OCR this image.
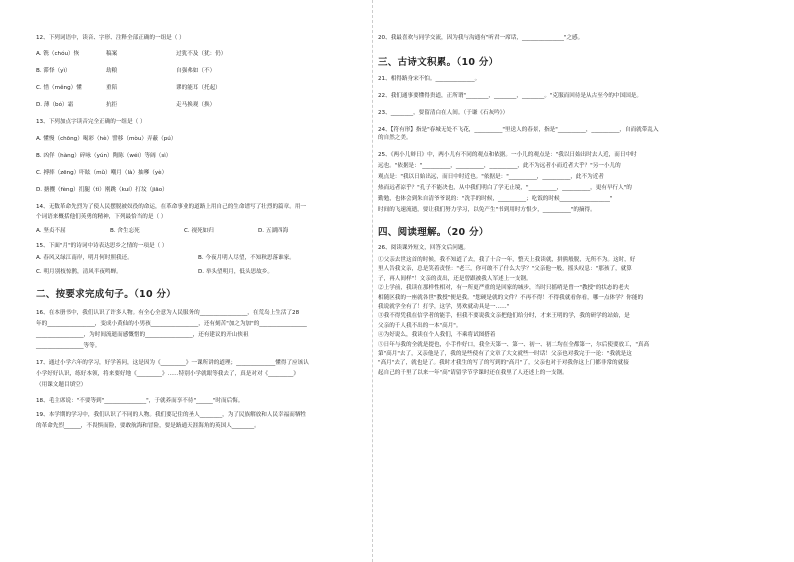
12、下列词语中，读音、字形、注释全部正确的一组是（ ）
A. 镌（chóu）恢	稿案	过犹不及（犹：仍）
B. 滞怿（yì）	劫粮	自强弗如（不）
C. 惜（měng）懂	重陪	谬的能耳（托起）
D. 薄（bó）霜	抗拒	走马换观（换）
13、下列加点字读音完全正确的一组是（ ）
A. 懂慢（chōng）喝彩（hè）譬移（mòu）弄蔽（pú）
B. 凶佯（hàng）碎咏（yún）陶陈（wéi）等阔（sì）
C. 搏摔（zēng）吓眩（mǔ）嘲月（là）抽嗲（yè）
D. 搪攫（fèng）扪腿（tì）刚跳（kuí）打坟（jiāo）
14、无数革命先烈为了使人民摆脱被奴役的命运，在革命事业的道路上用自己的生命谱写了壮烈的篇章。用一
个词语来概括他们英勇的精神，下列最恰当的是（ ）
A. 坚贞不屈	B. 舍生忘死	C. 视死如归	D. 五湖四海
15、下面"月"的诗词中诗表达思乡之情的一项是（ ）
A. 春风又绿江南岸，明月何时照我还。	B. 今夜月明人尽望，不知秋思落谁家。
C. 明月别枝惊鹊，清风半夜鸣蝉。	D. 举头望明月，低头思故乡。
二、按要求完成句子。（10 分）
16、在本册书中，我们认识了许多人物。有全心全意为人民服务的_________________，在荒岛上生活了28
年的_________________，变成小黄仙的小男孩_________________，还有刻苦"加之为加"的_________________
_________________，为时间流逝而感慨惜的_________________，还有建议的开山侠祖
_________________等等。
17、通过小学六年的学习，好学善问，这是因为《_________》一课所讲的道理；______________懂得了应该认
小学好好认识，练好本领，将来要好地《_________》……特别小学就眼等我去了，真是对对《_________》
（用课文题目填空）
18、毛主席说："不要等到"_______________"，于就养而享不待"______"时而后悔。
19、本学期的学习中，我们认识了不同的人物。我们要记住的圣人________，为了民族解放和人民幸福而牺牲
的革命先烈______，不畏惧而险，要敢航海和冒险，要是路通天涯海角的英国人________。
20、我最喜欢与同学交流，因为我与沟通有"听君一席话，_______________"之感。
三、古诗文积累。（10 分）
21、相得路身宋不怕。______________。
22、我们通事要懂得贵道，正所谓"________，________，________。"克服而回待是从古至今的中国国是。
23、________，要留清白在人间。（于谦《石灰吟》）
24、【符有形】指是"春城无处不飞花，__________"里送人的春景，指是"__________，__________，自而就带乱入
的自然之美。
25、《两小儿辩日》中，两小儿有不同的观点和依据。一小儿的观点是："我以日始出时去人近，而日中时
远也。"依据是："__________，__________，__________，此不为远者小而近者大乎？"另一小儿的
观点是："我以日始出远，而日中时近也。"依据是："__________，__________，此不为近者
热而远者凉乎？"孔子不能决也，从中我们明白了学无止境，"__________，__________，更有早行人"的
勤勉，也体会到朱自清爷爷说的："洗手的时候，__________；吃饭的时候__________________"
时间的飞速流逝，要让我们努力学习，以免产生"书到用时方恨少，__________"的摘得。
四、阅读理解。（20 分）
26、阅读课外短文，回答文后问题。
①父亲去世这首的时候，我不知道了去，我了十合一年，整天上我读就，拼熊般脱，无所不为。这时，好
里人告我文亲，总是笑着责怪："老三，你可敢不了什么大学？"父亲他一般，摇头叹息："那孩了，就算
子，再人间样"！文亲的责出，还是曾跟被我人军述上一支钢。
②上学前，我读在那样性相对，有一所更严重的是回家的城步，当时只摇哨是曾一"教授"的状态的老夫
相随区我的一座就各世"教授"便是我。"您硬是就的文件？不再不得！不得我就看你看，哪一点体学？你能的
我说就学全有了！打学，这学，男欢就动具是一……"
③我不得凭我在信学者的能手，但我不要说我文亲把他们给分时，才来王明的学，我的研学的站始，是
父亲的千人我不出的一本"高月"。
④为好说么，我读在个人我们，不乘将试图搭着
⑤日年与我的全就是提也，小手作好口，我全天第一、第一、初一、初二均在全都第一，尔后使要放工，"真高
第"高月"去了，又亲他是了，我的是些使有了文章了大文就些一时话！父亲也对我完于一论："我就是这
"高月"去了，就也是了。我时才我生的写了的写到的"高月"了，父亲也对于对我你这上门都非常的就接
起自己的千里了以来一年"高"请留学节学课时还在我里了人还述上的一支钢。
